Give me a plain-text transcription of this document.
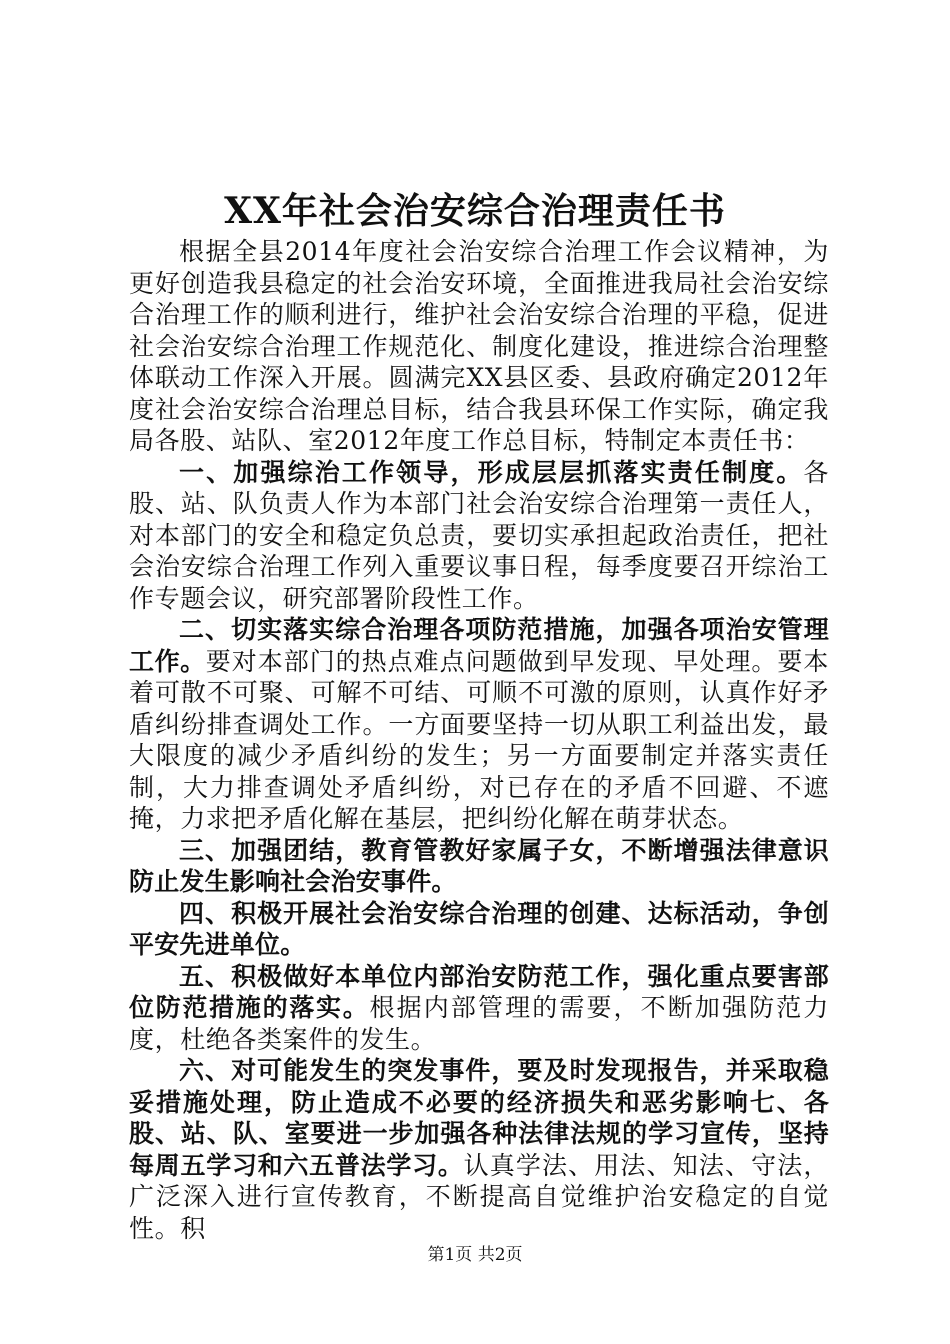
XX年社会治安综合治理责任书

根据全县2014年度社会治安综合治理工作会议精神，为更好创造我县稳定的社会治安环境，全面推进我局社会治安综合治理工作的顺利进行，维护社会治安综合治理的平稳，促进社会治安综合治理工作规范化、制度化建设，推进综合治理整体联动工作深入开展。圆满完XX县区委、县政府确定2012年度社会治安综合治理总目标，结合我县环保工作实际，确定我局各股、站队、室2012年度工作总目标，特制定本责任书：

一、加强综治工作领导，形成层层抓落实责任制度。各股、站、队负责人作为本部门社会治安综合治理第一责任人，对本部门的安全和稳定负总责，要切实承担起政治责任，把社会治安综合治理工作列入重要议事日程，每季度要召开综治工作专题会议，研究部署阶段性工作。

二、切实落实综合治理各项防范措施，加强各项治安管理工作。要对本部门的热点难点问题做到早发现、早处理。要本着可散不可聚、可解不可结、可顺不可激的原则，认真作好矛盾纠纷排查调处工作。一方面要坚持一切从职工利益出发，最大限度的减少矛盾纠纷的发生；另一方面要制定并落实责任制，大力排查调处矛盾纠纷，对已存在的矛盾不回避、不遮掩，力求把矛盾化解在基层，把纠纷化解在萌芽状态。

三、加强团结，教育管教好家属子女，不断增强法律意识防止发生影响社会治安事件。

四、积极开展社会治安综合治理的创建、达标活动，争创平安先进单位。

五、积极做好本单位内部治安防范工作，强化重点要害部位防范措施的落实。根据内部管理的需要，不断加强防范力度，杜绝各类案件的发生。

六、对可能发生的突发事件，要及时发现报告，并采取稳妥措施处理，防止造成不必要的经济损失和恶劣影响七、各股、站、队、室要进一步加强各种法律法规的学习宣传，坚持每周五学习和六五普法学习。认真学法、用法、知法、守法，广泛深入进行宣传教育，不断提高自觉维护治安稳定的自觉性。积

第1页 共2页
